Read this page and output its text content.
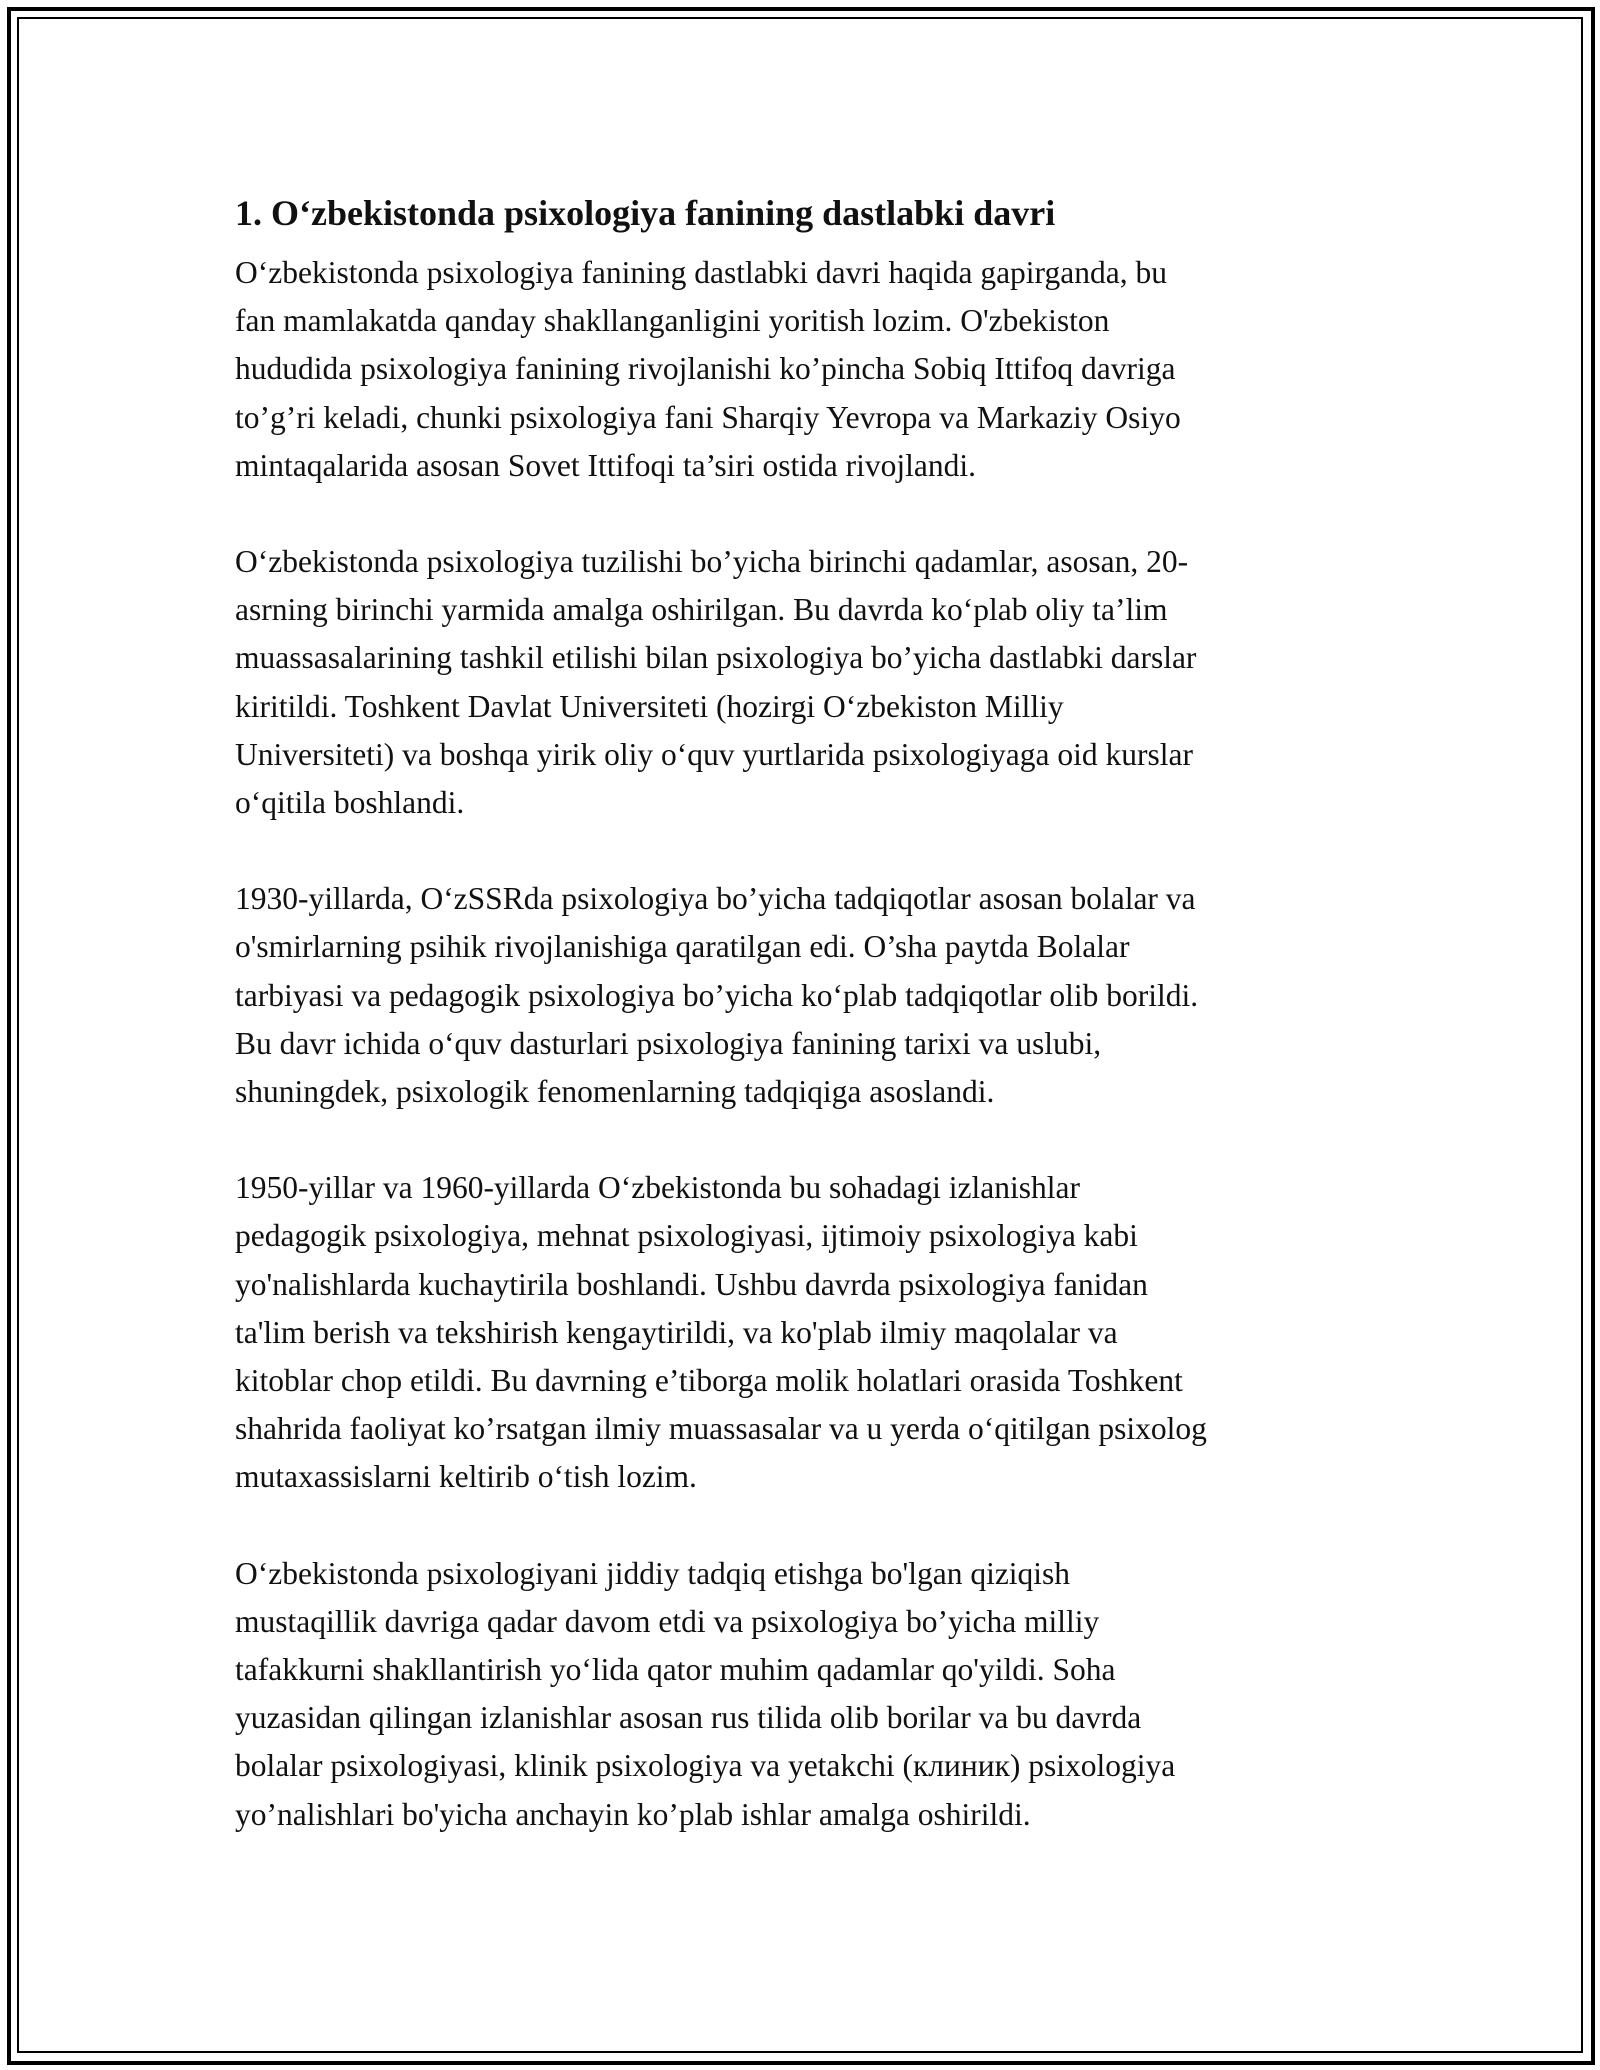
1. O‘zbekistonda psixologiya fanining dastlabki davri

O‘zbekistonda psixologiya fanining dastlabki davri haqida gapirganda, bu
fan mamlakatda qanday shakllanganligini yoritish lozim. O'zbekiston
hududida psixologiya fanining rivojlanishi ko’pincha Sobiq Ittifoq davriga
to’g’ri keladi, chunki psixologiya fani Sharqiy Yevropa va Markaziy Osiyo
mintaqalarida asosan Sovet Ittifoqi ta’siri ostida rivojlandi.

O‘zbekistonda psixologiya tuzilishi bo’yicha birinchi qadamlar, asosan, 20-
asrning birinchi yarmida amalga oshirilgan. Bu davrda ko‘plab oliy ta’lim
muassasalarining tashkil etilishi bilan psixologiya bo’yicha dastlabki darslar
kiritildi. Toshkent Davlat Universiteti (hozirgi O‘zbekiston Milliy
Universiteti) va boshqa yirik oliy o‘quv yurtlarida psixologiyaga oid kurslar
o‘qitila boshlandi.

1930-yillarda, O‘zSSRda psixologiya bo’yicha tadqiqotlar asosan bolalar va
o'smirlarning psihik rivojlanishiga qaratilgan edi. O’sha paytda Bolalar
tarbiyasi va pedagogik psixologiya bo’yicha ko‘plab tadqiqotlar olib borildi.
Bu davr ichida o‘quv dasturlari psixologiya fanining tarixi va uslubi,
shuningdek, psixologik fenomenlarning tadqiqiga asoslandi.

1950-yillar va 1960-yillarda O‘zbekistonda bu sohadagi izlanishlar
pedagogik psixologiya, mehnat psixologiyasi, ijtimoiy psixologiya kabi
yo'nalishlarda kuchaytirila boshlandi. Ushbu davrda psixologiya fanidan
ta'lim berish va tekshirish kengaytirildi, va ko'plab ilmiy maqolalar va
kitoblar chop etildi. Bu davrning e’tiborga molik holatlari orasida Toshkent
shahrida faoliyat ko’rsatgan ilmiy muassasalar va u yerda o‘qitilgan psixolog
mutaxassislarni keltirib o‘tish lozim.

O‘zbekistonda psixologiyani jiddiy tadqiq etishga bo'lgan qiziqish
mustaqillik davriga qadar davom etdi va psixologiya bo’yicha milliy
tafakkurni shakllantirish yo‘lida qator muhim qadamlar qo'yildi. Soha
yuzasidan qilingan izlanishlar asosan rus tilida olib borilar va bu davrda
bolalar psixologiyasi, klinik psixologiya va yetakchi (клиник) psixologiya
yo’nalishlari bo'yicha anchayin ko’plab ishlar amalga oshirildi.
